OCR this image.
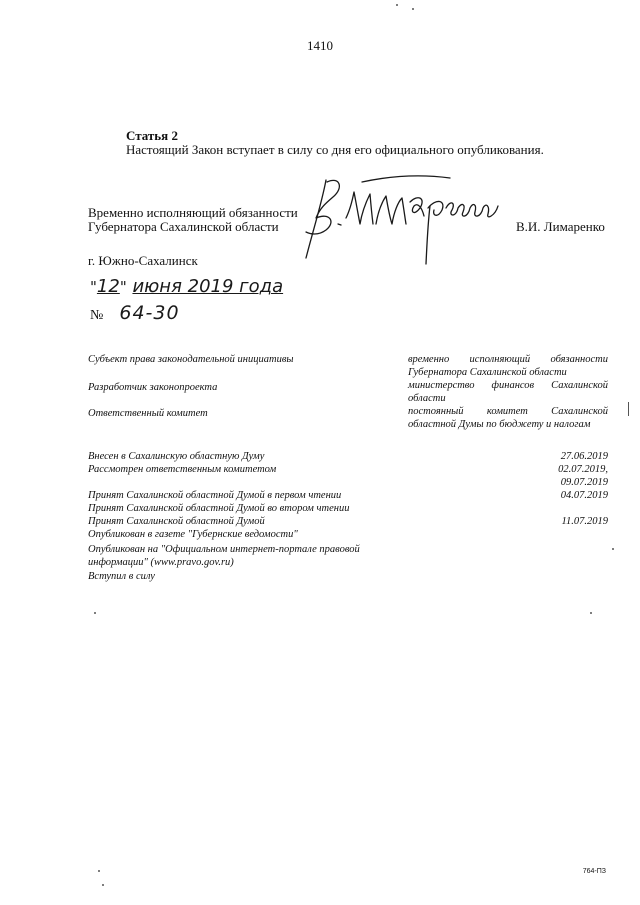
1410
Статья 2
Настоящий Закон вступает в силу со дня его официального опубликования.
Временно исполняющий обязанности
Губернатора Сахалинской области	В.И. Лимаренко
г. Южно-Сахалинск
"12" июня 2019 года
№ 64-30
Субъект права законодательной инициативы	временно исполняющий обязанности Губернатора Сахалинской области
Разработчик законопроекта	министерство финансов Сахалинской области
Ответственный комитет	постоянный комитет Сахалинской областной Думы по бюджету и налогам
Внесен в Сахалинскую областную Думу	27.06.2019
Рассмотрен ответственным комитетом	02.07.2019,
09.07.2019
Принят Сахалинской областной Думой в первом чтении	04.07.2019
Принят Сахалинской областной Думой во втором чтении
Принят Сахалинской областной Думой	11.07.2019
Опубликован в газете "Губернские ведомости"
Опубликован на "Официальном интернет-портале правовой
информации" (www.pravo.gov.ru)
Вступил в силу
764-ПЗ
